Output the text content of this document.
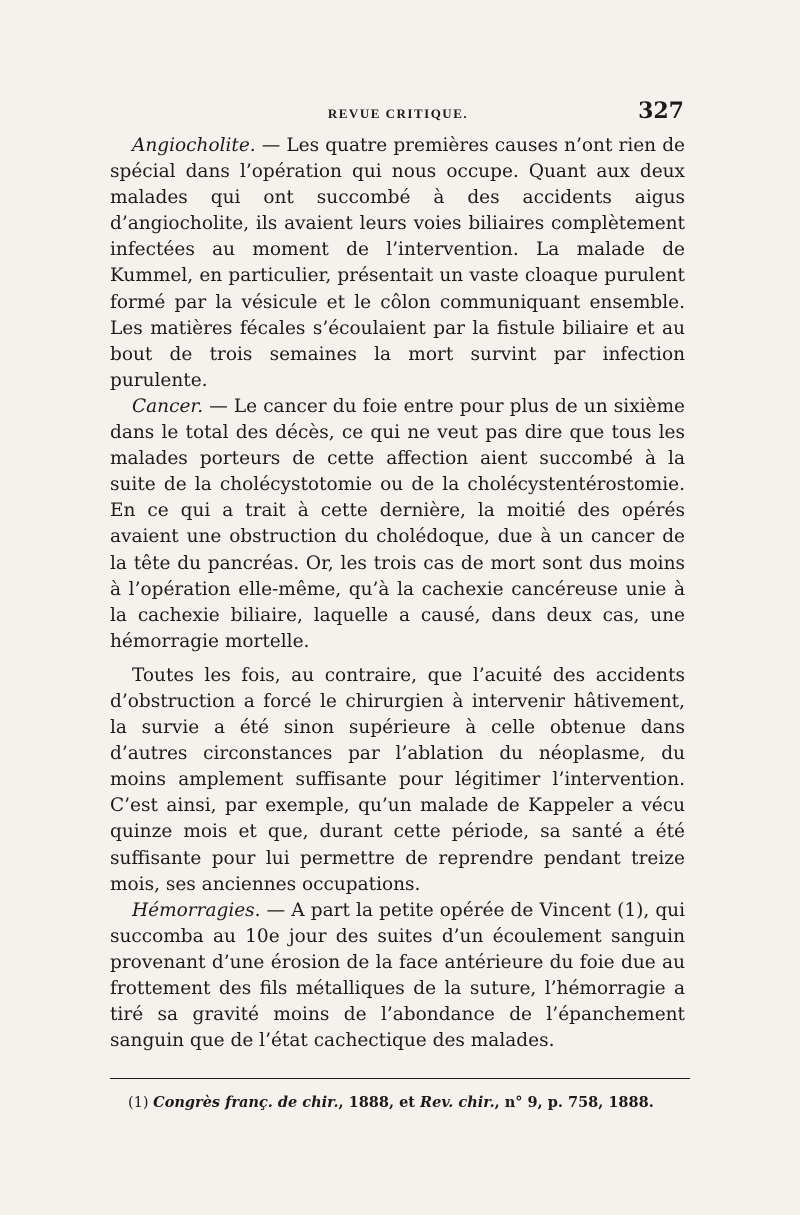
REVUE CRITIQUE.	327

Angiocholite. — Les quatre premières causes n’ont rien de spécial dans l’opération qui nous occupe. Quant aux deux malades qui ont succombé à des accidents aigus d’angiocholite, ils avaient leurs voies biliaires complètement infectées au moment de l’intervention. La malade de Kummel, en particulier, présentait un vaste cloaque purulent formé par la vésicule et le côlon communiquant ensemble. Les matières fécales s’écoulaient par la fistule biliaire et au bout de trois semaines la mort survint par infection purulente.

Cancer. — Le cancer du foie entre pour plus de un sixième dans le total des décès, ce qui ne veut pas dire que tous les malades porteurs de cette affection aient succombé à la suite de la cholécystotomie ou de la cholécystentérostomie. En ce qui a trait à cette dernière, la moitié des opérés avaient une obstruction du cholédoque, due à un cancer de la tête du pancréas. Or, les trois cas de mort sont dus moins à l’opération elle-même, qu’à la cachexie cancéreuse unie à la cachexie biliaire, laquelle a causé, dans deux cas, une hémorragie mortelle.

Toutes les fois, au contraire, que l’acuité des accidents d’obstruction a forcé le chirurgien à intervenir hâtivement, la survie a été sinon supérieure à celle obtenue dans d’autres circonstances par l’ablation du néoplasme, du moins amplement suffisante pour légitimer l’intervention. C’est ainsi, par exemple, qu’un malade de Kappeler a vécu quinze mois et que, durant cette période, sa santé a été suffisante pour lui permettre de reprendre pendant treize mois, ses anciennes occupations.

Hémorragies. — A part la petite opérée de Vincent (1), qui succomba au 10e jour des suites d’un écoulement sanguin provenant d’une érosion de la face antérieure du foie due au frottement des fils métalliques de la suture, l’hémorragie a tiré sa gravité moins de l’abondance de l’épanchement sanguin que de l’état cachectique des malades.

(1) Congrès franç. de chir., 1888, et Rev. chir., n° 9, p. 758, 1888.
